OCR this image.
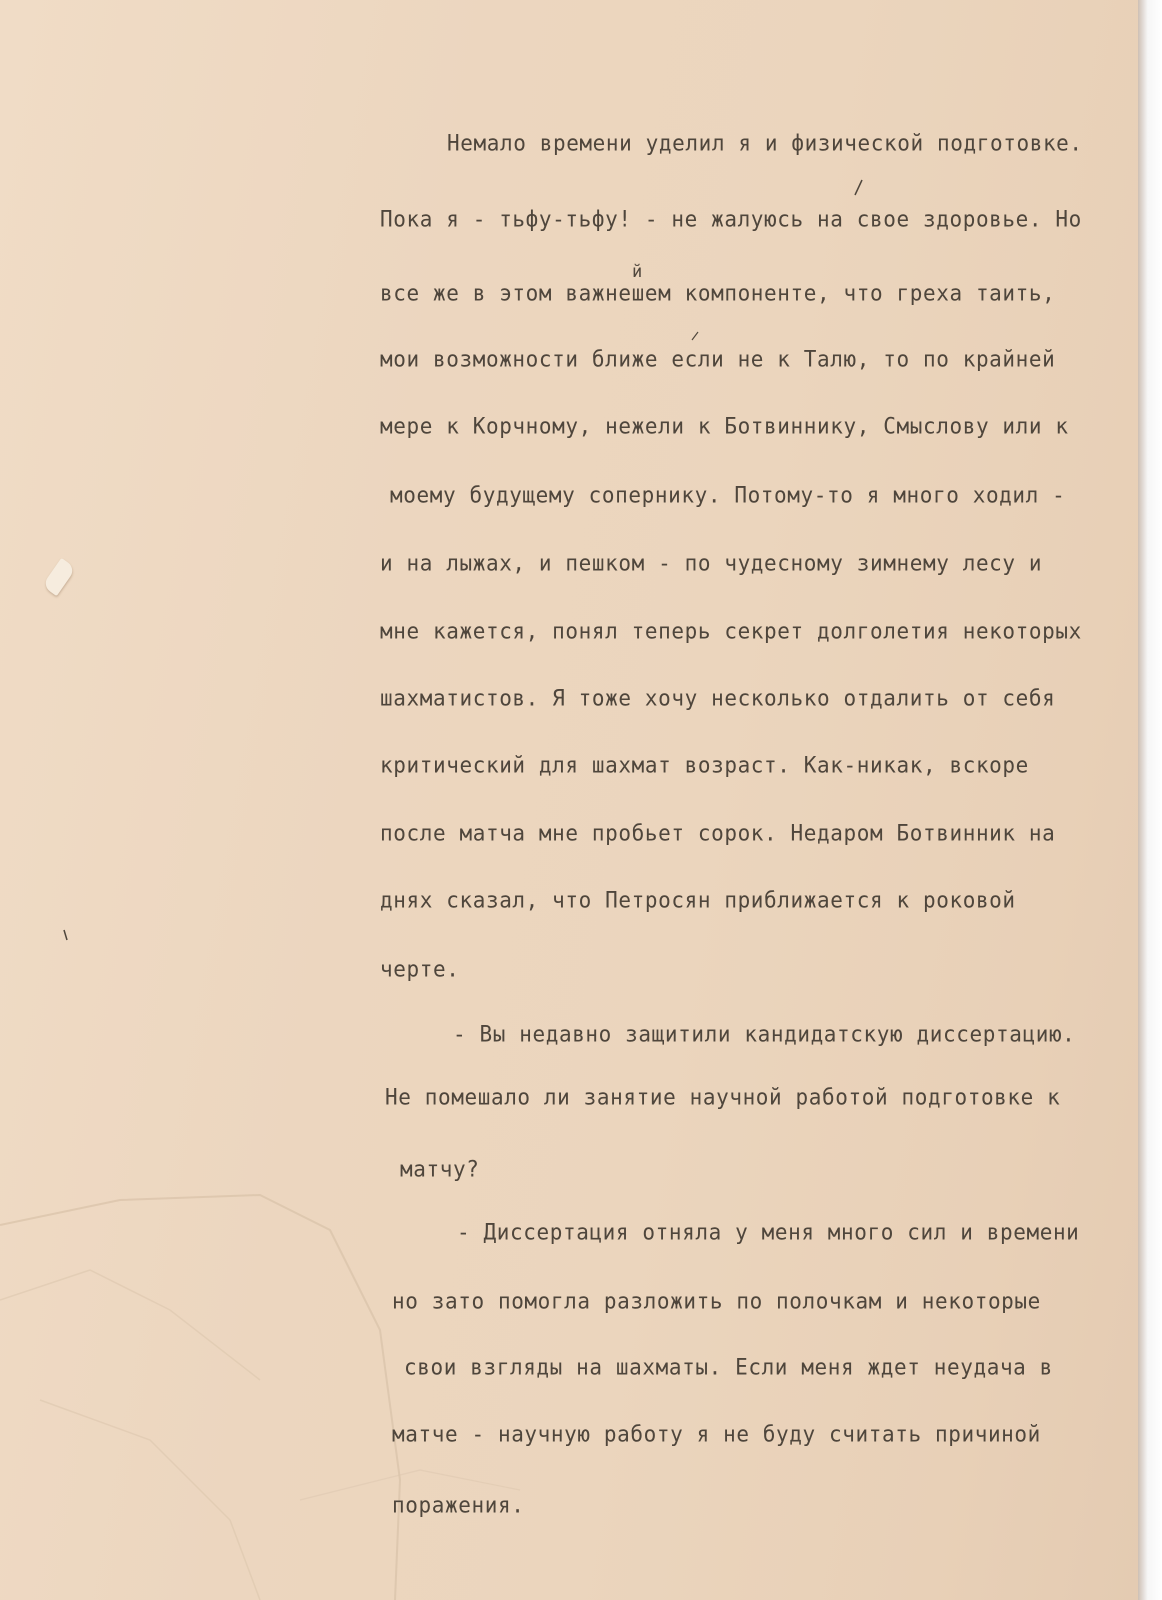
й
Немало времени уделил я и физической подготовке.
Пока я - тьфу-тьфу! - не жалуюсь на свое здоровье. Но
все же в этом важнешем компоненте, что греха таить,
мои возможности ближе если не к Талю, то по крайней
мере к Корчному, нежели к Ботвиннику, Смыслову или к
моему будущему сопернику. Потому-то я много ходил -
и на лыжах, и пешком - по чудесному зимнему лесу и
мне кажется, понял теперь секрет долголетия некоторых
шахматистов. Я тоже хочу несколько отдалить от себя
критический для шахмат возраст. Как-никак, вскоре
после матча мне пробьет сорок. Недаром Ботвинник на
днях сказал, что Петросян приближается к роковой
черте.
- Вы недавно защитили кандидатскую диссертацию.
Не помешало ли занятие научной работой подготовке к
матчу?
- Диссертация отняла у меня много сил и времени
но зато помогла разложить по полочкам и некоторые
свои взгляды на шахматы. Если меня ждет неудача в
матче - научную работу я не буду считать причиной
поражения.
